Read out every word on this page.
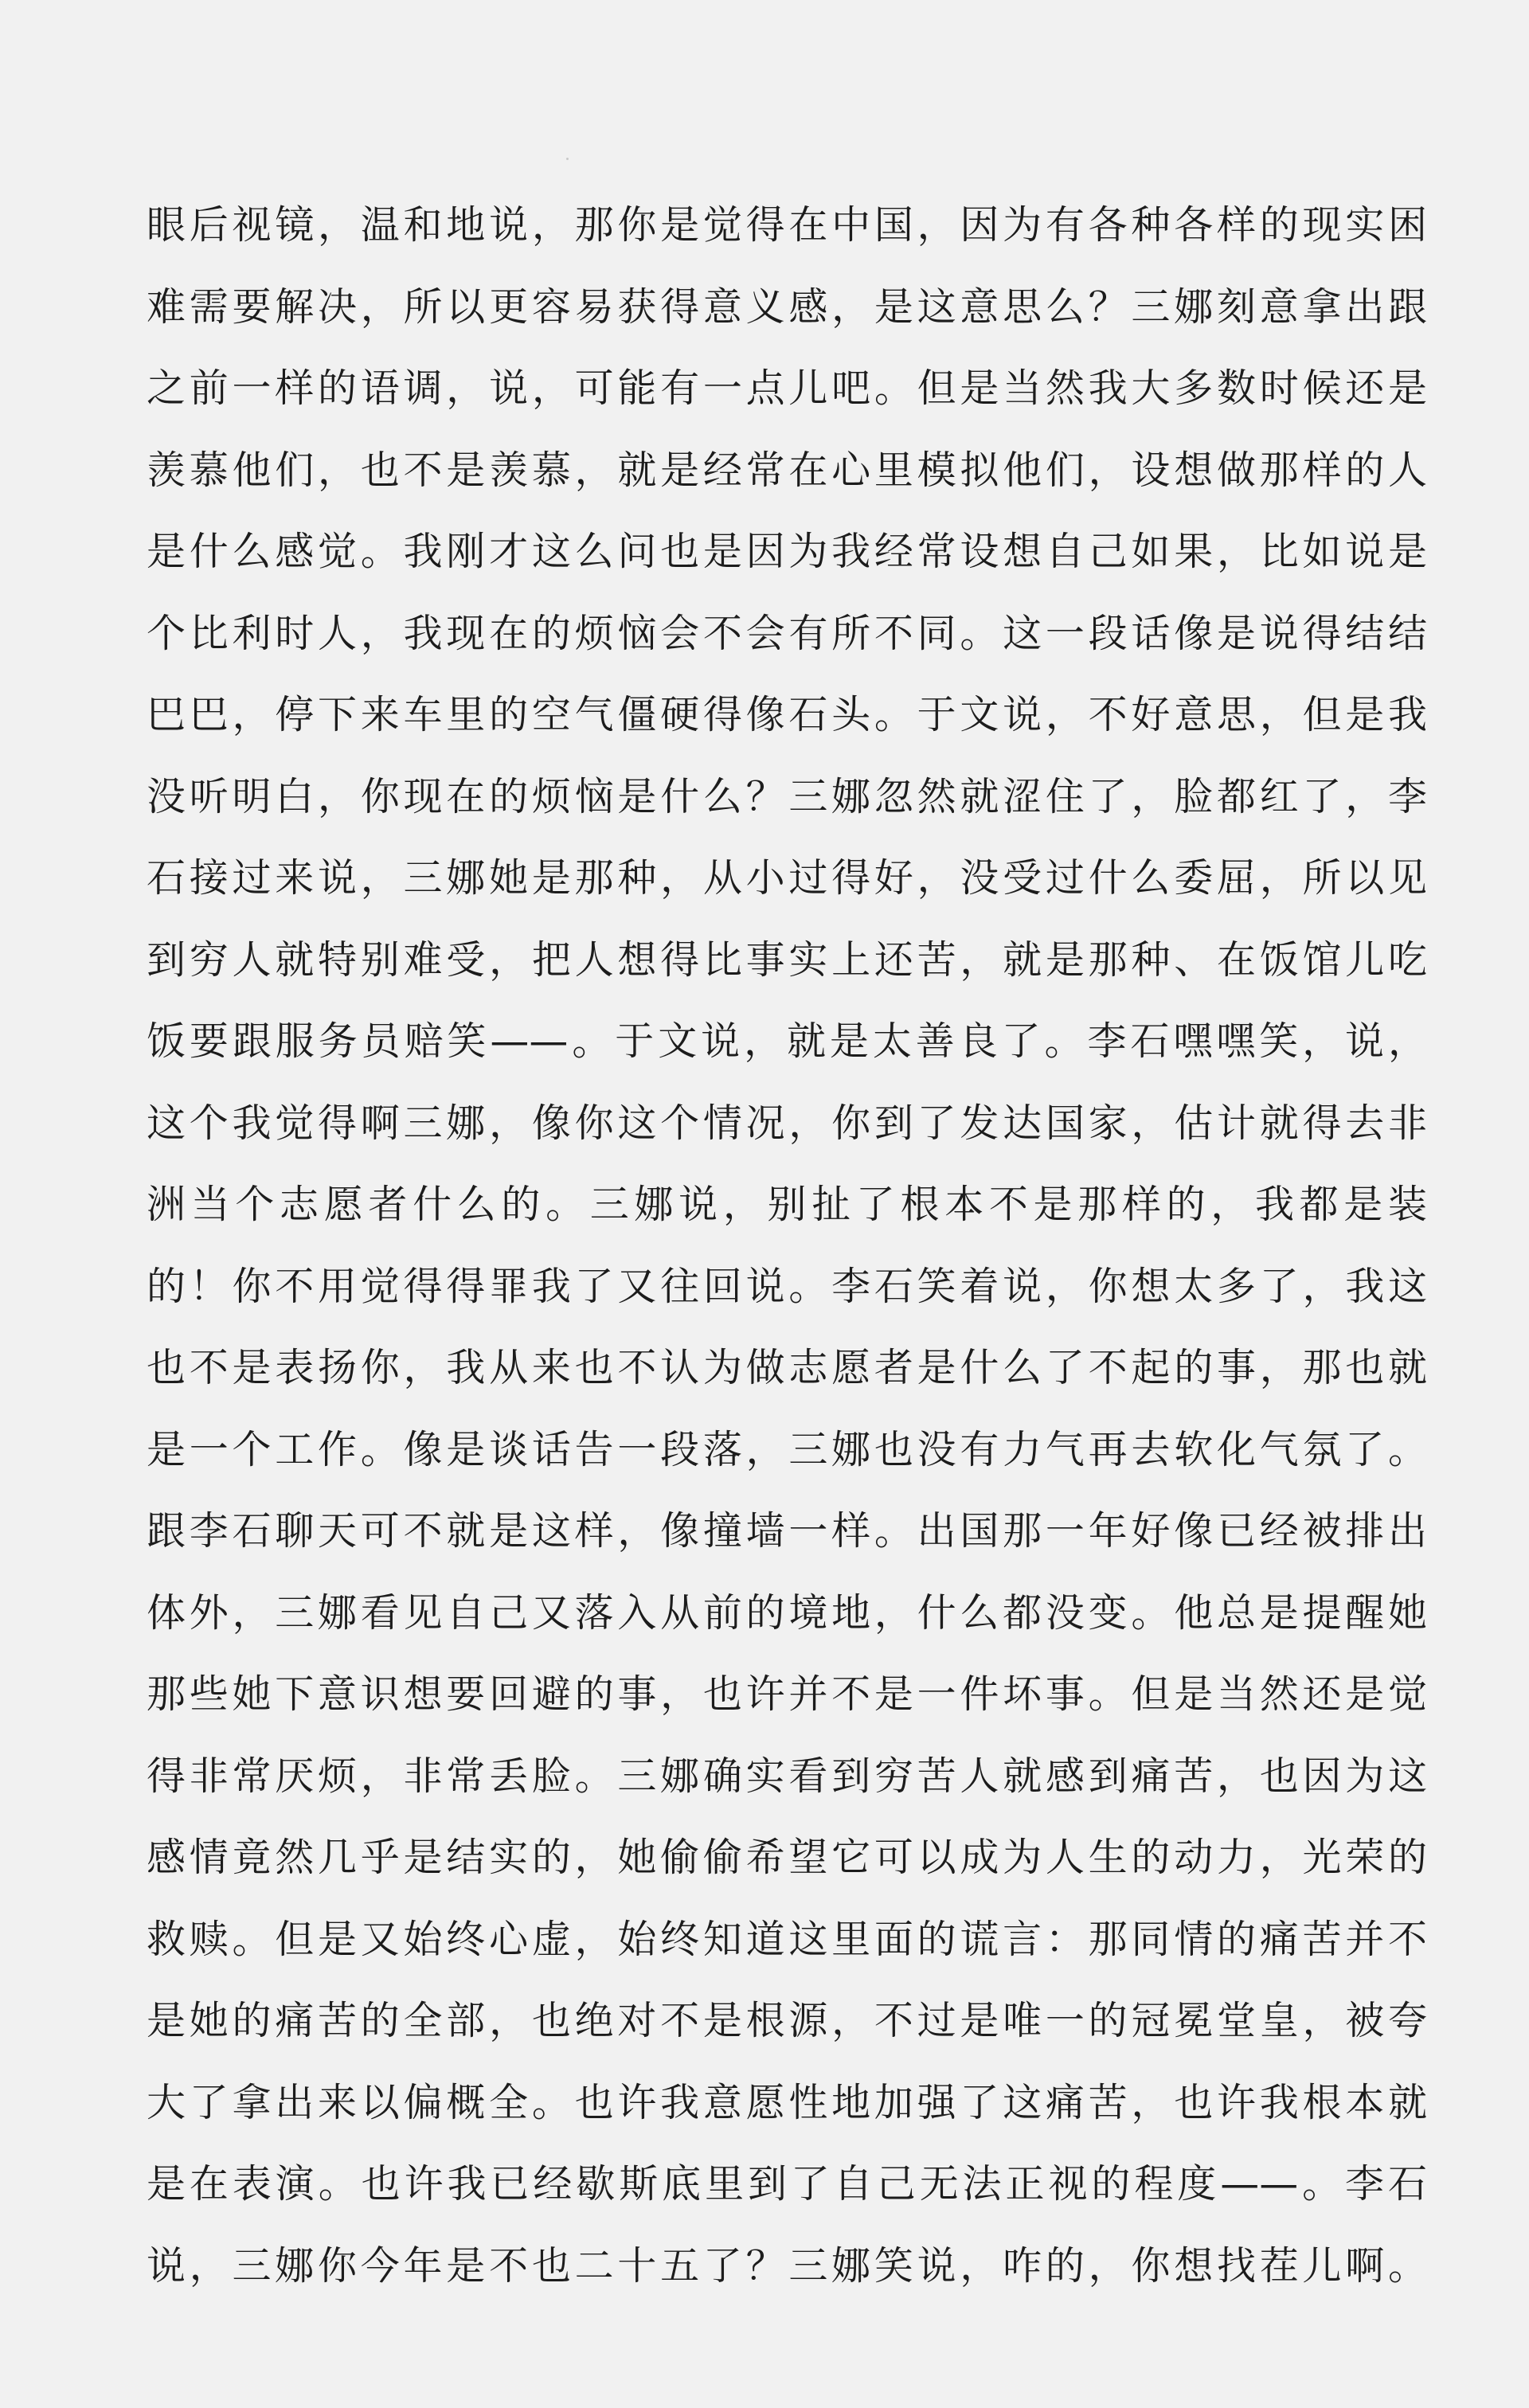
眼后视镜，温和地说，那你是觉得在中国，因为有各种各样的现实困
难需要解决，所以更容易获得意义感，是这意思么？三娜刻意拿出跟
之前一样的语调，说，可能有一点儿吧。但是当然我大多数时候还是
羡慕他们，也不是羡慕，就是经常在心里模拟他们，设想做那样的人
是什么感觉。我刚才这么问也是因为我经常设想自己如果，比如说是
个比利时人，我现在的烦恼会不会有所不同。这一段话像是说得结结
巴巴，停下来车里的空气僵硬得像石头。于文说，不好意思，但是我
没听明白，你现在的烦恼是什么？三娜忽然就涩住了，脸都红了，李
石接过来说，三娜她是那种，从小过得好，没受过什么委屈，所以见
到穷人就特别难受，把人想得比事实上还苦，就是那种、在饭馆儿吃
饭要跟服务员赔笑——。于文说，就是太善良了。李石嘿嘿笑，说，
这个我觉得啊三娜，像你这个情况，你到了发达国家，估计就得去非
洲当个志愿者什么的。三娜说，别扯了根本不是那样的，我都是装
的！你不用觉得得罪我了又往回说。李石笑着说，你想太多了，我这
也不是表扬你，我从来也不认为做志愿者是什么了不起的事，那也就
是一个工作。像是谈话告一段落，三娜也没有力气再去软化气氛了。
跟李石聊天可不就是这样，像撞墙一样。出国那一年好像已经被排出
体外，三娜看见自己又落入从前的境地，什么都没变。他总是提醒她
那些她下意识想要回避的事，也许并不是一件坏事。但是当然还是觉
得非常厌烦，非常丢脸。三娜确实看到穷苦人就感到痛苦，也因为这
感情竟然几乎是结实的，她偷偷希望它可以成为人生的动力，光荣的
救赎。但是又始终心虚，始终知道这里面的谎言：那同情的痛苦并不
是她的痛苦的全部，也绝对不是根源，不过是唯一的冠冕堂皇，被夸
大了拿出来以偏概全。也许我意愿性地加强了这痛苦，也许我根本就
是在表演。也许我已经歇斯底里到了自己无法正视的程度——。李石
说，三娜你今年是不也二十五了？三娜笑说，咋的，你想找茬儿啊。
